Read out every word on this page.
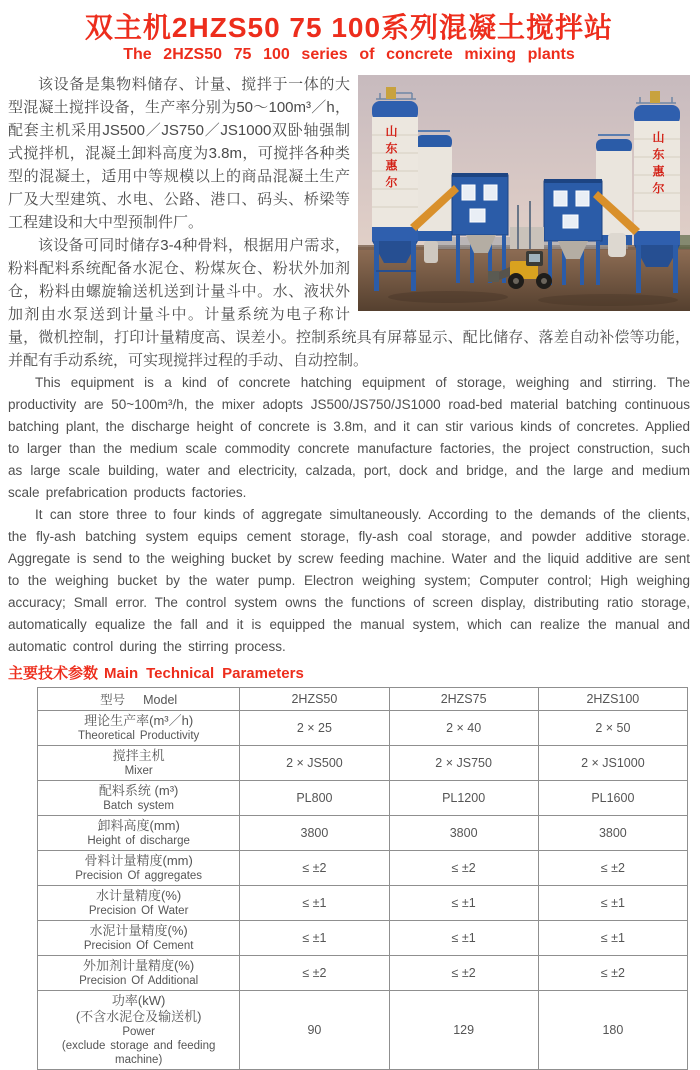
双主机2HZS50 75 100系列混凝土搅拌站
The 2HZS50 75 100 series of concrete mixing plants
山东惠尔	山东惠尔

该设备是集物料储存、计量、搅拌于一体的大型混凝土搅拌设备，生产率分别为50～100m³／h，配套主机采用JS500／JS750／JS1000双卧轴强制式搅拌机，混凝土卸料高度为3.8m，可搅拌各种类型的混凝土，适用中等规模以上的商品混凝土生产厂及大型建筑、水电、公路、港口、码头、桥梁等工程建设和大中型预制件厂。

该设备可同时储存3-4种骨料，根据用户需求，粉料配料系统配备水泥仓、粉煤灰仓、粉状外加剂仓，粉料由螺旋输送机送到计量斗中。水、液状外加剂由水泵送到计量斗中。计量系统为电子称计量，微机控制，打印计量精度高、误差小。控制系统具有屏幕显示、配比储存、落差自动补偿等功能，并配有手动系统，可实现搅拌过程的手动、自动控制。

This equipment is a kind of concrete hatching equipment of storage, weighing and stirring. The productivity are 50~100m³/h, the mixer adopts JS500/JS750/JS1000 road-bed material batching continuous batching plant, the discharge height of concrete is 3.8m, and it can stir various kinds of concretes. Applied to larger than the medium scale commodity concrete manufacture factories, the project construction, such as large scale building, water and electricity, calzada, port, dock and bridge, and the large and medium scale prefabrication products factories.

It can store three to four kinds of aggregate simultaneously. According to the demands of the clients, the fly-ash batching system equips cement storage, fly-ash coal storage, and powder additive storage. Aggregate is send to the weighing bucket by screw feeding machine. Water and the liquid additive are sent to the weighing bucket by the water pump. Electron weighing system; Computer control; High weighing accuracy; Small error. The control system owns the functions of screen display, distributing ratio storage, automatically equalize the fall and it is equipped the manual system, which can realize the manual and automatic control during the stirring process.

主要技术参数 Main Technical Parameters
型号 Model	2HZS50	2HZS75	2HZS100

理论生产率(m³／h)
Theoretical Productivity	2 × 25	2 × 40	2 × 50

搅拌主机
Mixer	2 × JS500	2 × JS750	2 × JS1000

配料系统 (m³)
Batch system	PL800	PL1200	PL1600

卸料高度(mm)
Height of discharge	3800	3800	3800

骨料计量精度(mm)
Precision Of aggregates	≤ ±2	≤ ±2	≤ ±2

水计量精度(%)
Precision Of Water	≤ ±1	≤ ±1	≤ ±1

水泥计量精度(%)
Precision Of Cement	≤ ±1	≤ ±1	≤ ±1

外加剂计量精度(%)
Precision Of Additional	≤ ±2	≤ ±2	≤ ±2

功率(kW)
(不含水泥仓及输送机)
Power
(exclude storage and feeding machine)	90	129	180
